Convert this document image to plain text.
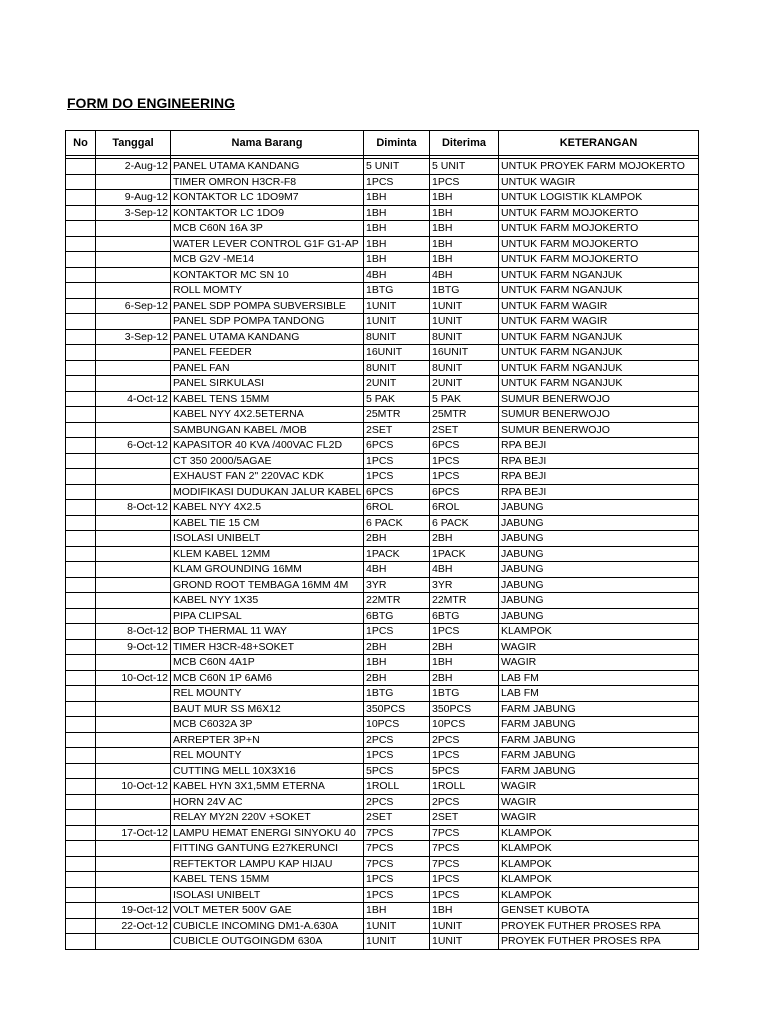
FORM DO ENGINEERING
No	Tanggal	Nama Barang	Diminta	Diterima	KETERANGAN

	2-Aug-12	PANEL UTAMA KANDANG	5 UNIT	5 UNIT	UNTUK PROYEK FARM MOJOKERTO
		TIMER OMRON H3CR-F8	1PCS	1PCS	UNTUK WAGIR
	9-Aug-12	KONTAKTOR LC 1DO9M7	1BH	1BH	UNTUK LOGISTIK KLAMPOK
	3-Sep-12	KONTAKTOR LC 1DO9	1BH	1BH	UNTUK FARM MOJOKERTO
		MCB C60N 16A 3P	1BH	1BH	UNTUK FARM MOJOKERTO
		WATER LEVER CONTROL G1F G1-AP	1BH	1BH	UNTUK FARM MOJOKERTO
		MCB G2V -ME14	1BH	1BH	UNTUK FARM MOJOKERTO
		KONTAKTOR MC SN 10	4BH	4BH	UNTUK FARM NGANJUK
		ROLL MOMTY	1BTG	1BTG	UNTUK FARM NGANJUK
	6-Sep-12	PANEL SDP POMPA SUBVERSIBLE	1UNIT	1UNIT	UNTUK FARM WAGIR
		PANEL SDP POMPA TANDONG	1UNIT	1UNIT	UNTUK FARM WAGIR
	3-Sep-12	PANEL UTAMA KANDANG	8UNIT	8UNIT	UNTUK FARM NGANJUK
		PANEL FEEDER	16UNIT	16UNIT	UNTUK FARM NGANJUK
		PANEL FAN	8UNIT	8UNIT	UNTUK FARM NGANJUK
		PANEL SIRKULASI	2UNIT	2UNIT	UNTUK FARM NGANJUK
	4-Oct-12	KABEL TENS 15MM	5 PAK	5 PAK	SUMUR BENERWOJO
		KABEL NYY 4X2.5ETERNA	25MTR	25MTR	SUMUR BENERWOJO
		SAMBUNGAN KABEL /MOB	2SET	2SET	SUMUR BENERWOJO
	6-Oct-12	KAPASITOR 40 KVA /400VAC FL2D	6PCS	6PCS	RPA BEJI
		CT 350 2000/5AGAE	1PCS	1PCS	RPA BEJI
		EXHAUST FAN 2" 220VAC KDK	1PCS	1PCS	RPA BEJI
		MODIFIKASI DUDUKAN JALUR KABEL	6PCS	6PCS	RPA BEJI
	8-Oct-12	KABEL NYY 4X2.5	6ROL	6ROL	JABUNG
		KABEL TIE 15 CM	6 PACK	6 PACK	JABUNG
		ISOLASI UNIBELT	2BH	2BH	JABUNG
		KLEM KABEL 12MM	1PACK	1PACK	JABUNG
		KLAM GROUNDING 16MM	4BH	4BH	JABUNG
		GROND ROOT TEMBAGA 16MM 4M	3YR	3YR	JABUNG
		KABEL NYY 1X35	22MTR	22MTR	JABUNG
		PIPA CLIPSAL	6BTG	6BTG	JABUNG
	8-Oct-12	BOP THERMAL 11 WAY	1PCS	1PCS	KLAMPOK
	9-Oct-12	TIMER H3CR-48+SOKET	2BH	2BH	WAGIR
		MCB C60N 4A1P	1BH	1BH	WAGIR
	10-Oct-12	MCB C60N 1P 6AM6	2BH	2BH	LAB FM
		REL MOUNTY	1BTG	1BTG	LAB FM
		BAUT MUR SS M6X12	350PCS	350PCS	FARM JABUNG
		MCB C6032A 3P	10PCS	10PCS	FARM JABUNG
		ARREPTER 3P+N	2PCS	2PCS	FARM JABUNG
		REL MOUNTY	1PCS	1PCS	FARM JABUNG
		CUTTING MELL 10X3X16	5PCS	5PCS	FARM JABUNG
	10-Oct-12	KABEL HYN 3X1,5MM ETERNA	1ROLL	1ROLL	WAGIR
		HORN 24V AC	2PCS	2PCS	WAGIR
		RELAY MY2N 220V +SOKET	2SET	2SET	WAGIR
	17-Oct-12	LAMPU HEMAT ENERGI SINYOKU 40	7PCS	7PCS	KLAMPOK
		FITTING GANTUNG E27KERUNCI	7PCS	7PCS	KLAMPOK
		REFTEKTOR LAMPU KAP HIJAU	7PCS	7PCS	KLAMPOK
		KABEL TENS 15MM	1PCS	1PCS	KLAMPOK
		ISOLASI UNIBELT	1PCS	1PCS	KLAMPOK
	19-Oct-12	VOLT METER 500V GAE	1BH	1BH	GENSET KUBOTA
	22-Oct-12	CUBICLE INCOMING DM1-A.630A	1UNIT	1UNIT	PROYEK FUTHER PROSES RPA
		CUBICLE OUTGOINGDM 630A	1UNIT	1UNIT	PROYEK FUTHER PROSES RPA
